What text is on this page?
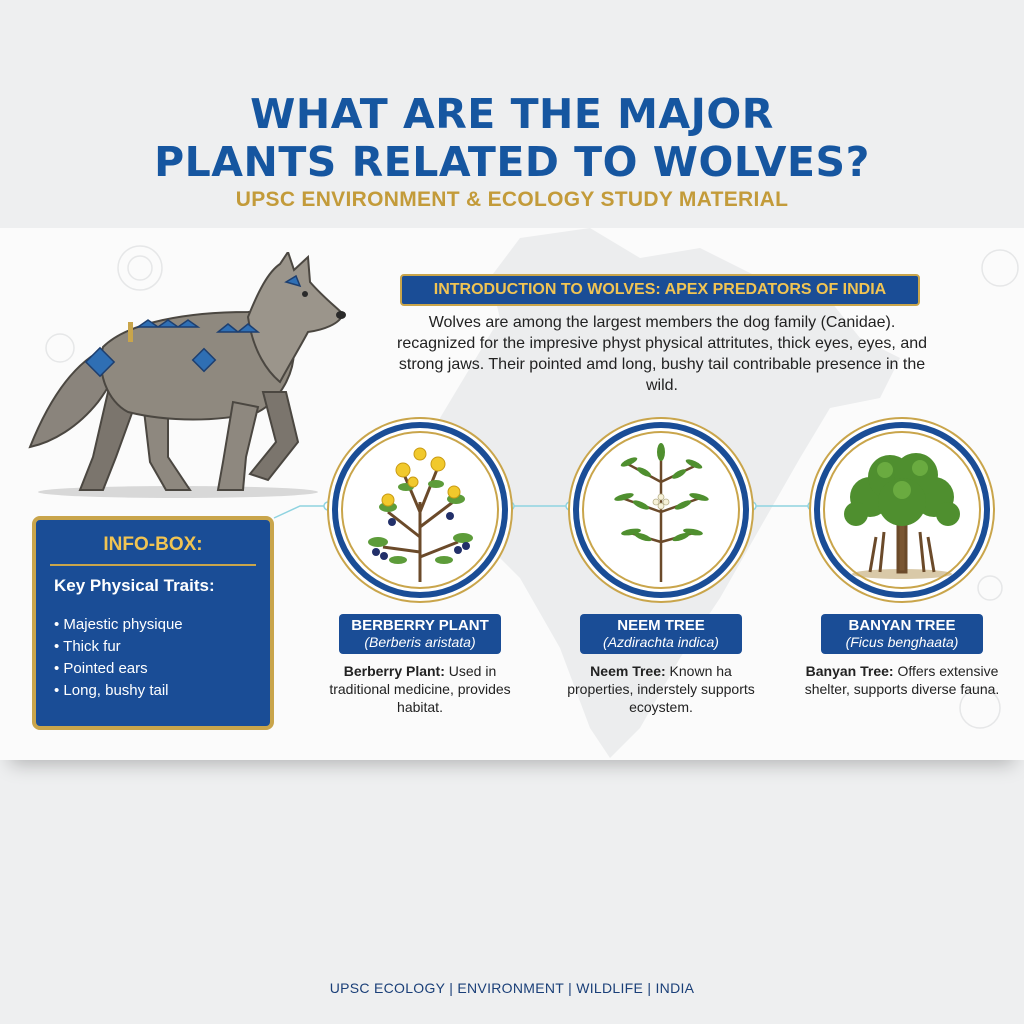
WHAT ARE THE MAJOR
PLANTS RELATED TO WOLVES?
UPSC ENVIRONMENT & ECOLOGY STUDY MATERIAL
INTRODUCTION TO WOLVES: APEX PREDATORS OF INDIA
Wolves are among the largest members the dog family (Canidae). recagnized for the impresive physt physical attritutes, thick eyes, eyes, and strong jaws. Their pointed amd long, bushy tail contribable presence in the wild.
INFO-BOX:
Key Physical Traits:
• Majestic physique
• Thick fur
• Pointed ears
• Long, bushy tail
BERBERRY PLANT
(Berberis aristata)
Berberry Plant: Used in traditional medicine, provides habitat.
NEEM TREE
(Azdirachta indica)
Neem Tree: Known ha properties, inderstely supports ecoystem.
BANYAN TREE
(Ficus benghaata)
Banyan Tree: Offers extensive shelter, supports diverse fauna.
UPSC ECOLOGY | ENVIRONMENT | WILDLIFE | INDIA
